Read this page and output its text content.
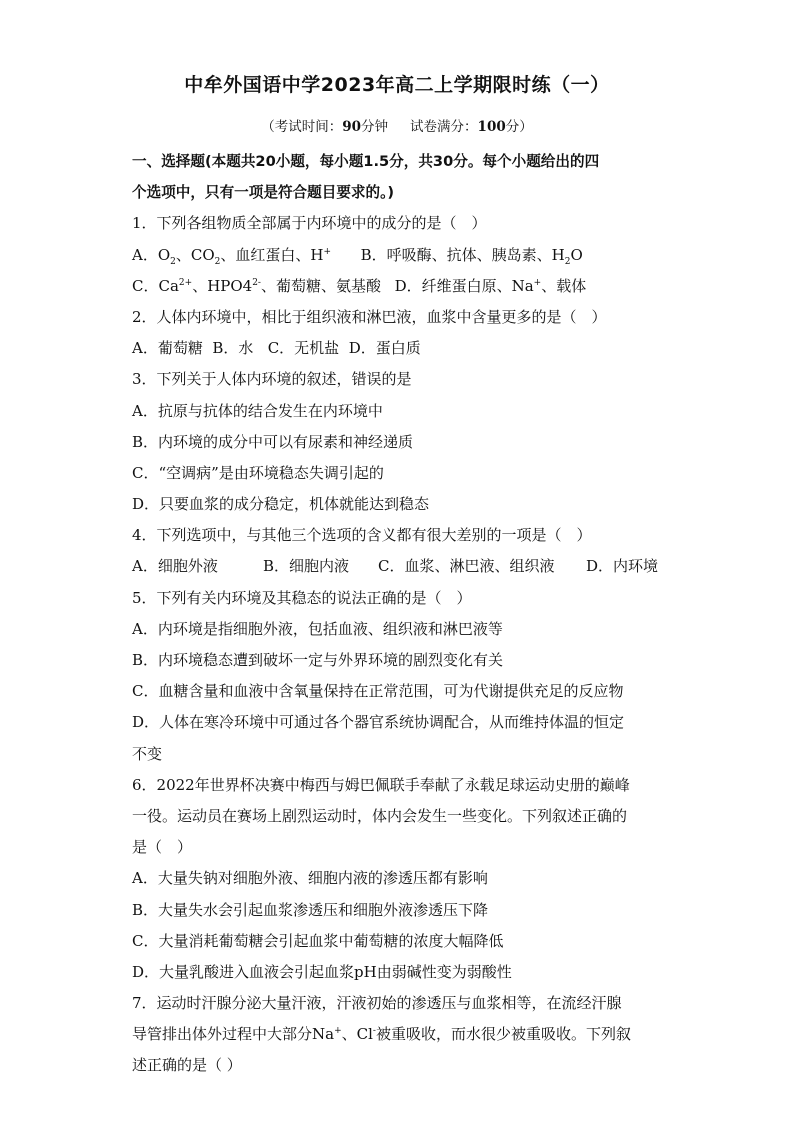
中牟外国语中学2023年高二上学期限时练（一）
（考试时间：90分钟 试卷满分：100分）
一、选择题(本题共20小题，每小题1.5分，共30分。每个小题给出的四
个选项中，只有一项是符合题目要求的。)
1．下列各组物质全部属于内环境中的成分的是（　）
A．$O_2$、$CO_2$、血红蛋白、H+ B．呼吸酶、抗体、胰岛素、$H_2O$
C．$Ca^{2+}$、$HPO4^{2-}$、葡萄糖、氨基酸 D．纤维蛋白原、Na+、载体
2．人体内环境中，相比于组织液和淋巴液，血浆中含量更多的是（　）
A．葡萄糖  B．水   C．无机盐  D．蛋白质
3．下列关于人体内环境的叙述，错误的是
A．抗原与抗体的结合发生在内环境中
B．内环境的成分中可以有尿素和神经递质
C．“空调病”是由环境稳态失调引起的
D．只要血浆的成分稳定，机体就能达到稳态
4．下列选项中，与其他三个选项的含义都有很大差别的一项是（　）
A．细胞外液	B．细胞内液 C．血浆、淋巴液、组织液 D．内环境
5．下列有关内环境及其稳态的说法正确的是（　）
A．内环境是指细胞外液，包括血液、组织液和淋巴液等
B．内环境稳态遭到破坏一定与外界环境的剧烈变化有关
C．血糖含量和血液中含氧量保持在正常范围，可为代谢提供充足的反应物
D．人体在寒冷环境中可通过各个器官系统协调配合，从而维持体温的恒定
不变
6．2022年世界杯决赛中梅西与姆巴佩联手奉献了永载足球运动史册的巅峰
一役。运动员在赛场上剧烈运动时，体内会发生一些变化。下列叙述正确的
是（　）
A．大量失钠对细胞外液、细胞内液的渗透压都有影响
B．大量失水会引起血浆渗透压和细胞外液渗透压下降
C．大量消耗葡萄糖会引起血浆中葡萄糖的浓度大幅降低
D．大量乳酸进入血液会引起血浆pH由弱碱性变为弱酸性
7．运动时汗腺分泌大量汗液，汗液初始的渗透压与血浆相等，在流经汗腺
导管排出体外过程中大部分Na+、Cl-被重吸收，而水很少被重吸收。下列叙
述正确的是（ ）
